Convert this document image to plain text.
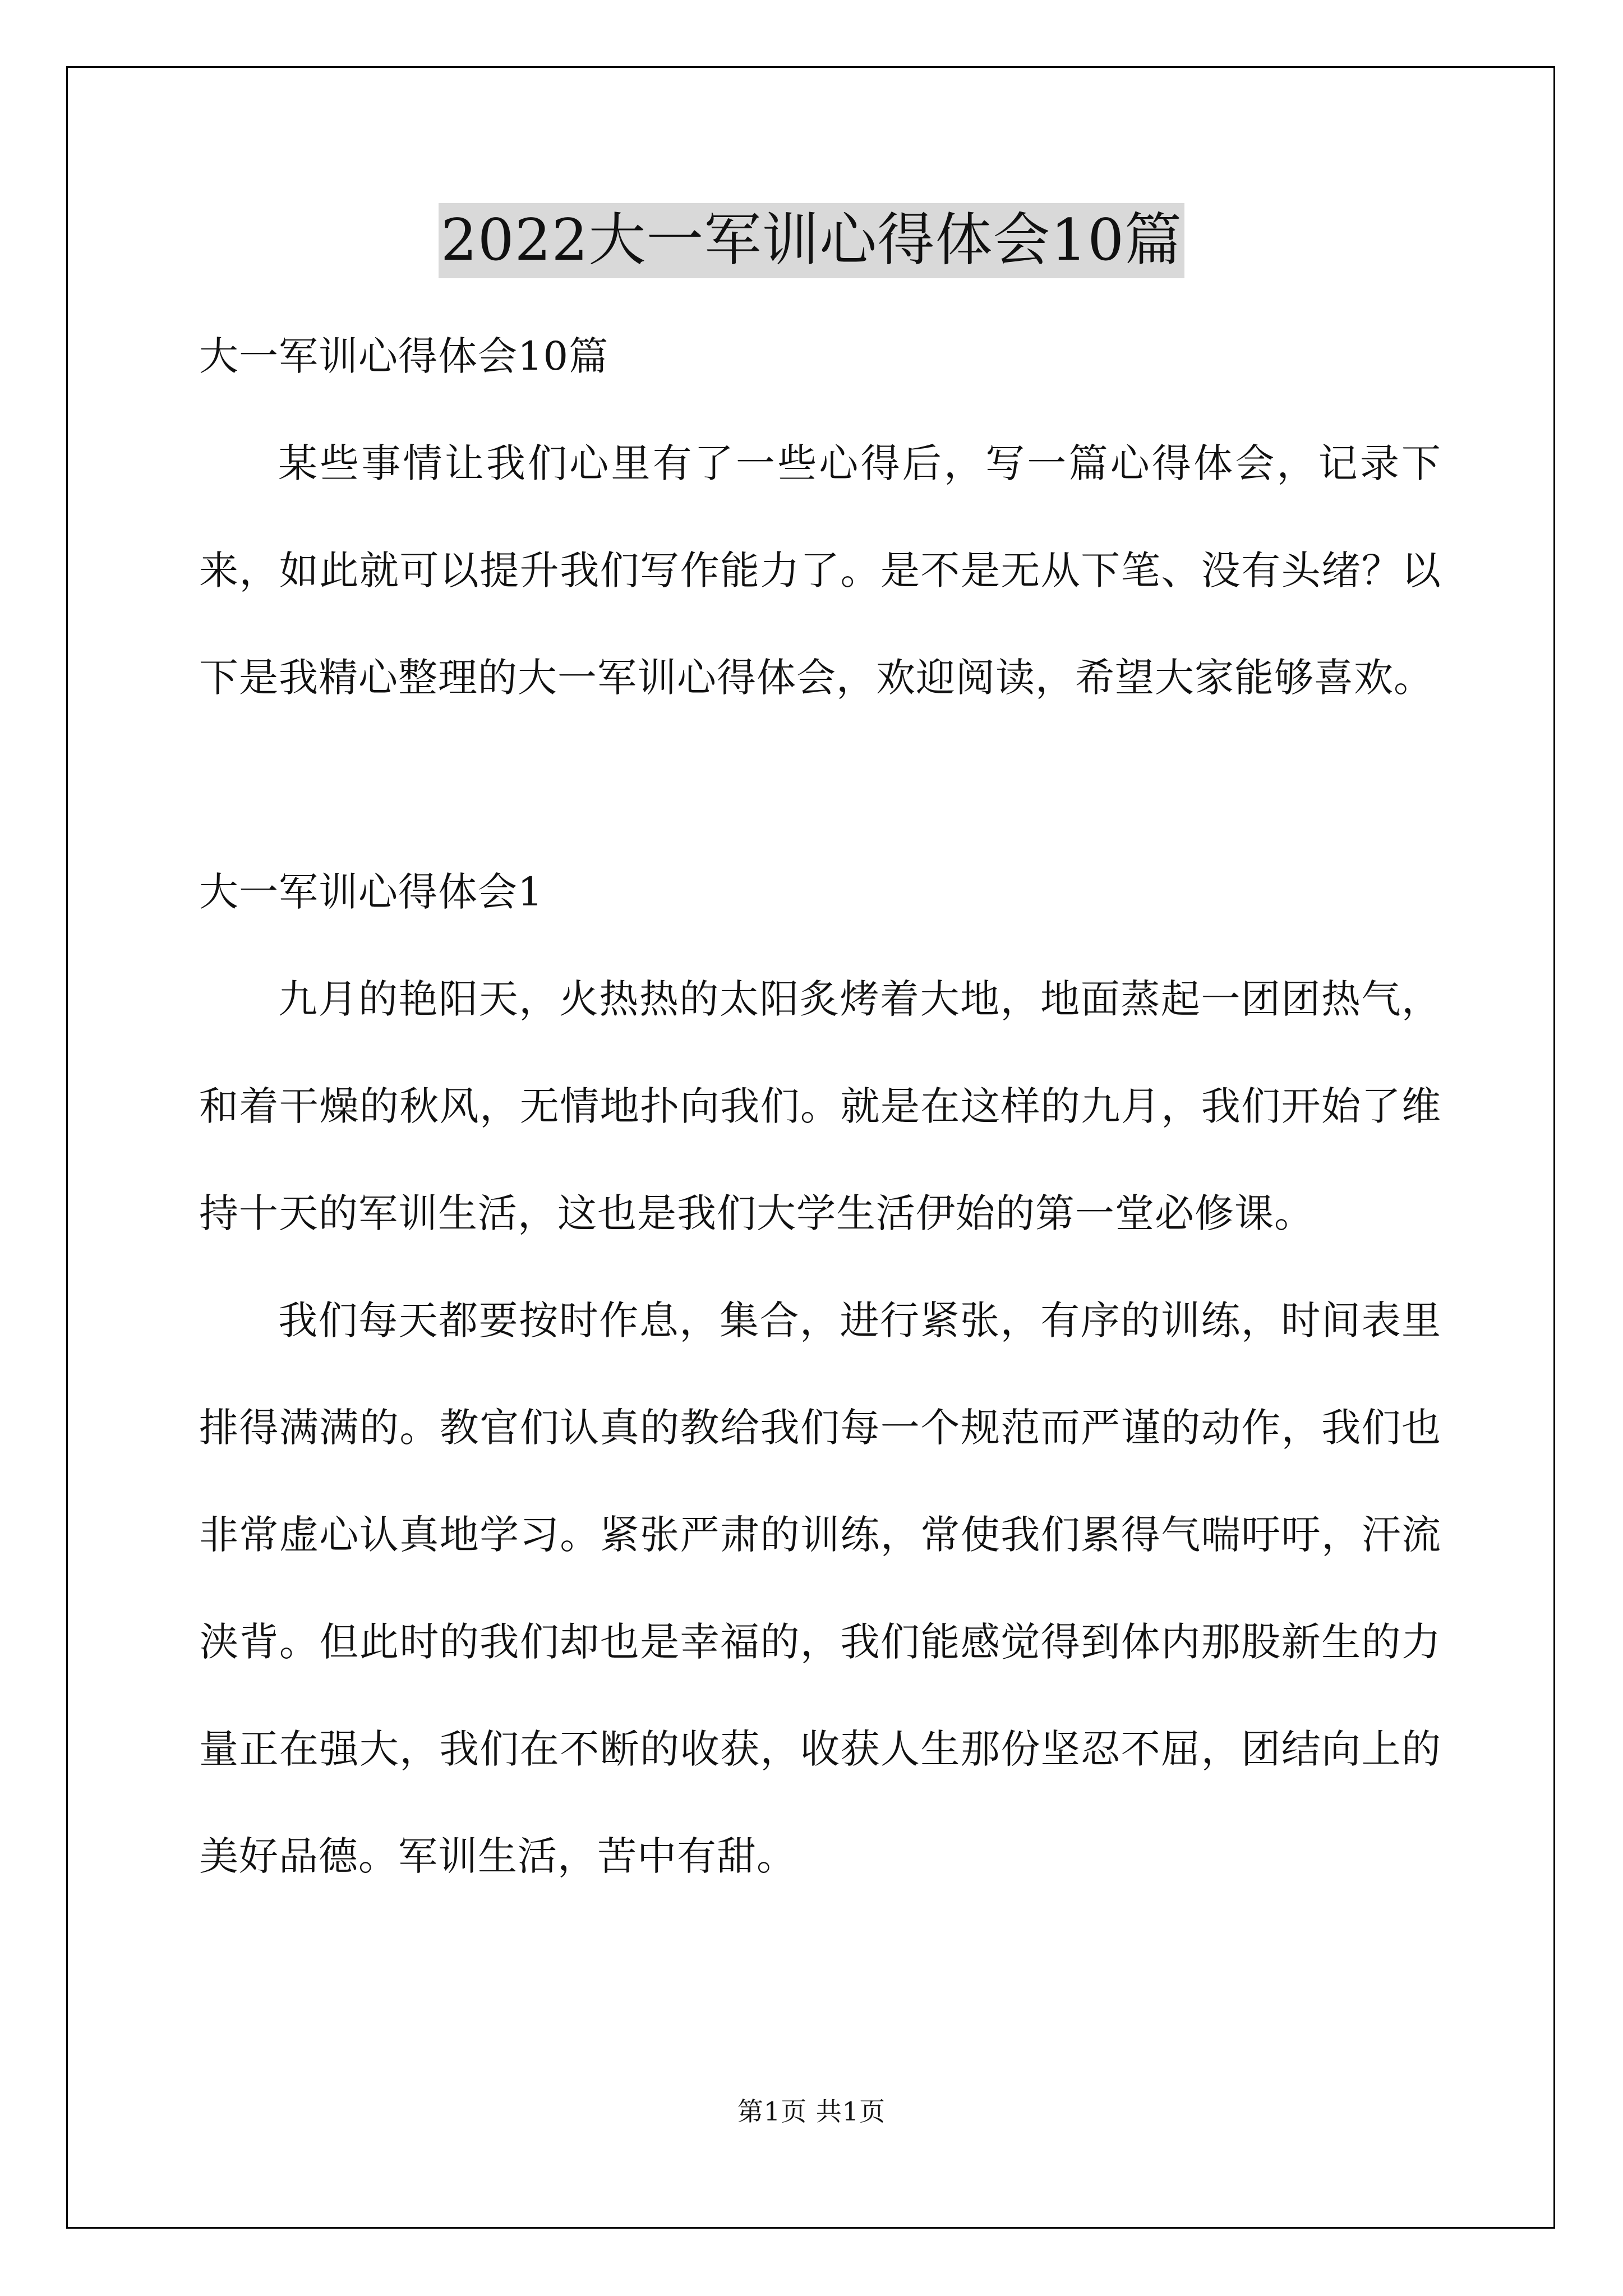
2022大一军训心得体会10篇

大一军训心得体会10篇

某些事情让我们心里有了一些心得后，写一篇心得体会，记录下来，如此就可以提升我们写作能力了。是不是无从下笔、没有头绪？以下是我精心整理的大一军训心得体会，欢迎阅读，希望大家能够喜欢。

大一军训心得体会1

九月的艳阳天，火热热的太阳炙烤着大地，地面蒸起一团团热气，和着干燥的秋风，无情地扑向我们。就是在这样的九月，我们开始了维持十天的军训生活，这也是我们大学生活伊始的第一堂必修课。

我们每天都要按时作息，集合，进行紧张，有序的训练，时间表里排得满满的。教官们认真的教给我们每一个规范而严谨的动作，我们也非常虚心认真地学习。紧张严肃的训练，常使我们累得气喘吁吁，汗流浃背。但此时的我们却也是幸福的，我们能感觉得到体内那股新生的力量正在强大，我们在不断的收获，收获人生那份坚忍不屈，团结向上的美好品德。军训生活，苦中有甜。

第1页 共1页
